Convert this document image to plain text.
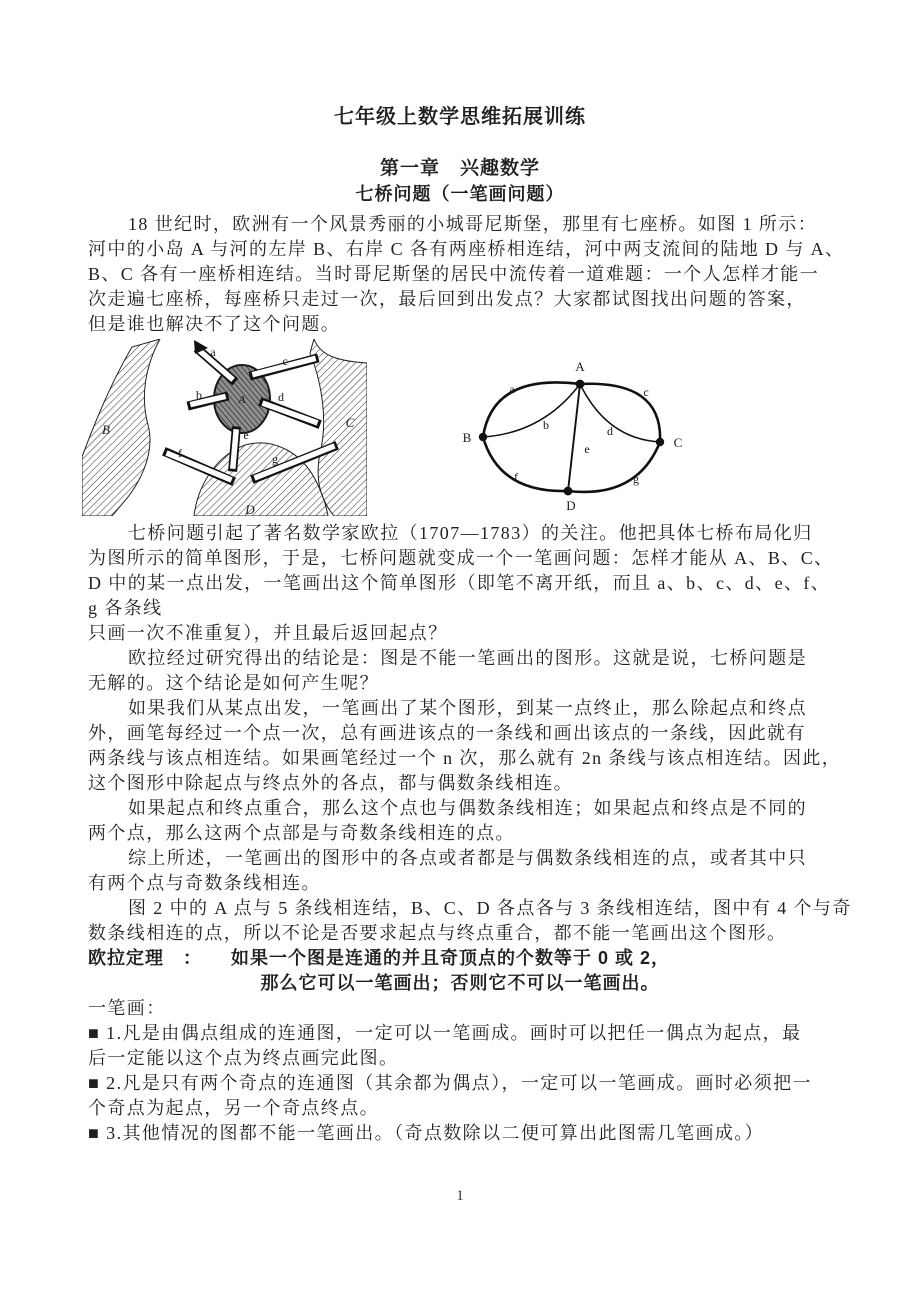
七年级上数学思维拓展训练
第一章　兴趣数学
七桥问题（一笔画问题）
18 世纪时，欧洲有一个风景秀丽的小城哥尼斯堡，那里有七座桥。如图 1 所示：
河中的小岛 A 与河的左岸 B、右岸 C 各有两座桥相连结，河中两支流间的陆地 D 与 A、
B、C 各有一座桥相连结。当时哥尼斯堡的居民中流传着一道难题：一个人怎样才能一
次走遍七座桥，每座桥只走过一次，最后回到出发点？大家都试图找出问题的答案，
但是谁也解决不了这个问题。
B	C
A
D
a
c
b	d
e
f	g
A
B	C
D
a
b
c
d
e
f	g
七桥问题引起了著名数学家欧拉（1707—1783）的关注。他把具体七桥布局化归
为图所示的简单图形，于是，七桥问题就变成一个一笔画问题：怎样才能从 A、B、C、
D 中的某一点出发，一笔画出这个简单图形（即笔不离开纸，而且 a、b、c、d、e、f、
g 各条线
只画一次不准重复），并且最后返回起点？
欧拉经过研究得出的结论是：图是不能一笔画出的图形。这就是说，七桥问题是
无解的。这个结论是如何产生呢？
如果我们从某点出发，一笔画出了某个图形，到某一点终止，那么除起点和终点
外，画笔每经过一个点一次，总有画进该点的一条线和画出该点的一条线，因此就有
两条线与该点相连结。如果画笔经过一个 n 次，那么就有 2n 条线与该点相连结。因此，
这个图形中除起点与终点外的各点，都与偶数条线相连。
如果起点和终点重合，那么这个点也与偶数条线相连；如果起点和终点是不同的
两个点，那么这两个点部是与奇数条线相连的点。
综上所述，一笔画出的图形中的各点或者都是与偶数条线相连的点，或者其中只
有两个点与奇数条线相连。
图 2 中的 A 点与 5 条线相连结，B、C、D 各点各与 3 条线相连结，图中有 4 个与奇
数条线相连的点，所以不论是否要求起点与终点重合，都不能一笔画出这个图形。
欧拉定理　：　　如果一个图是连通的并且奇顶点的个数等于 0 或 2，
那么它可以一笔画出；否则它不可以一笔画出。
一笔画：
■ 1.凡是由偶点组成的连通图，一定可以一笔画成。画时可以把任一偶点为起点，最
后一定能以这个点为终点画完此图。
■ 2.凡是只有两个奇点的连通图（其余都为偶点），一定可以一笔画成。画时必须把一
个奇点为起点，另一个奇点终点。
■ 3.其他情况的图都不能一笔画出。（奇点数除以二便可算出此图需几笔画成。）
1
